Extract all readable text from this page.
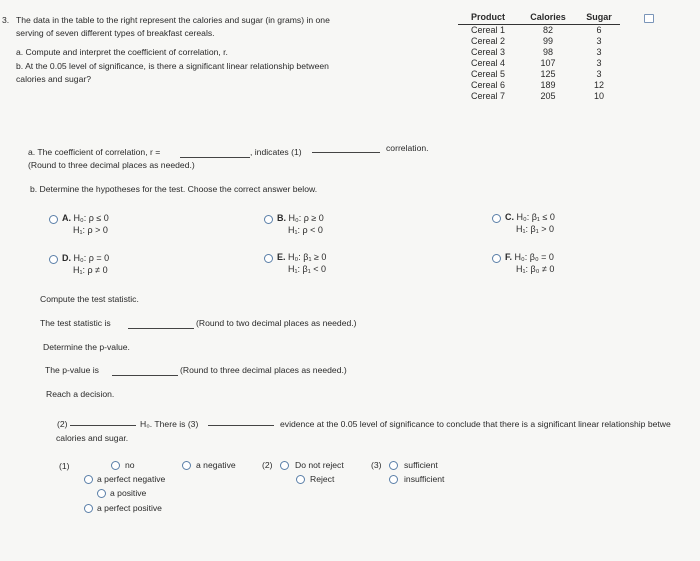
3. The data in the table to the right represent the calories and sugar (in grams) in one
serving of seven different types of breakfast cereals.
a. Compute and interpret the coefficient of correlation, r.
b. At the 0.05 level of significance, is there a significant linear relationship between
calories and sugar?
Product	Calories	Sugar
Cereal 1	82	6
Cereal 2	99	3
Cereal 3	98	3
Cereal 4	107	3
Cereal 5	125	3
Cereal 6	189	12
Cereal 7	205	10
a. The coefficient of correlation, r =	, indicates (1)	correlation.
(Round to three decimal places as needed.)
b. Determine the hypotheses for the test. Choose the correct answer below.
A. H₀: ρ ≤ 0
H₁: ρ > 0
B. H₀: ρ ≥ 0
H₁: ρ < 0
C. H₀: β₁ ≤ 0
H₁: β₁ > 0
D. H₀: ρ = 0
H₁: ρ ≠ 0
E. H₀: β₁ ≥ 0
H₁: β₁ < 0
F. H₀: β₀ = 0
H₁: β₀ ≠ 0
Compute the test statistic.
The test statistic is	(Round to two decimal places as needed.)
Determine the p-value.
The p-value is	(Round to three decimal places as needed.)
Reach a decision.
(2)	H₀. There is (3)	evidence at the 0.05 level of significance to conclude that there is a significant linear relationship betwe
calories and sugar.
(1)	no
a perfect negative
a positive
a perfect positive
a negative	(2)	Do not reject
Reject
(3)	sufficient
insufficient
